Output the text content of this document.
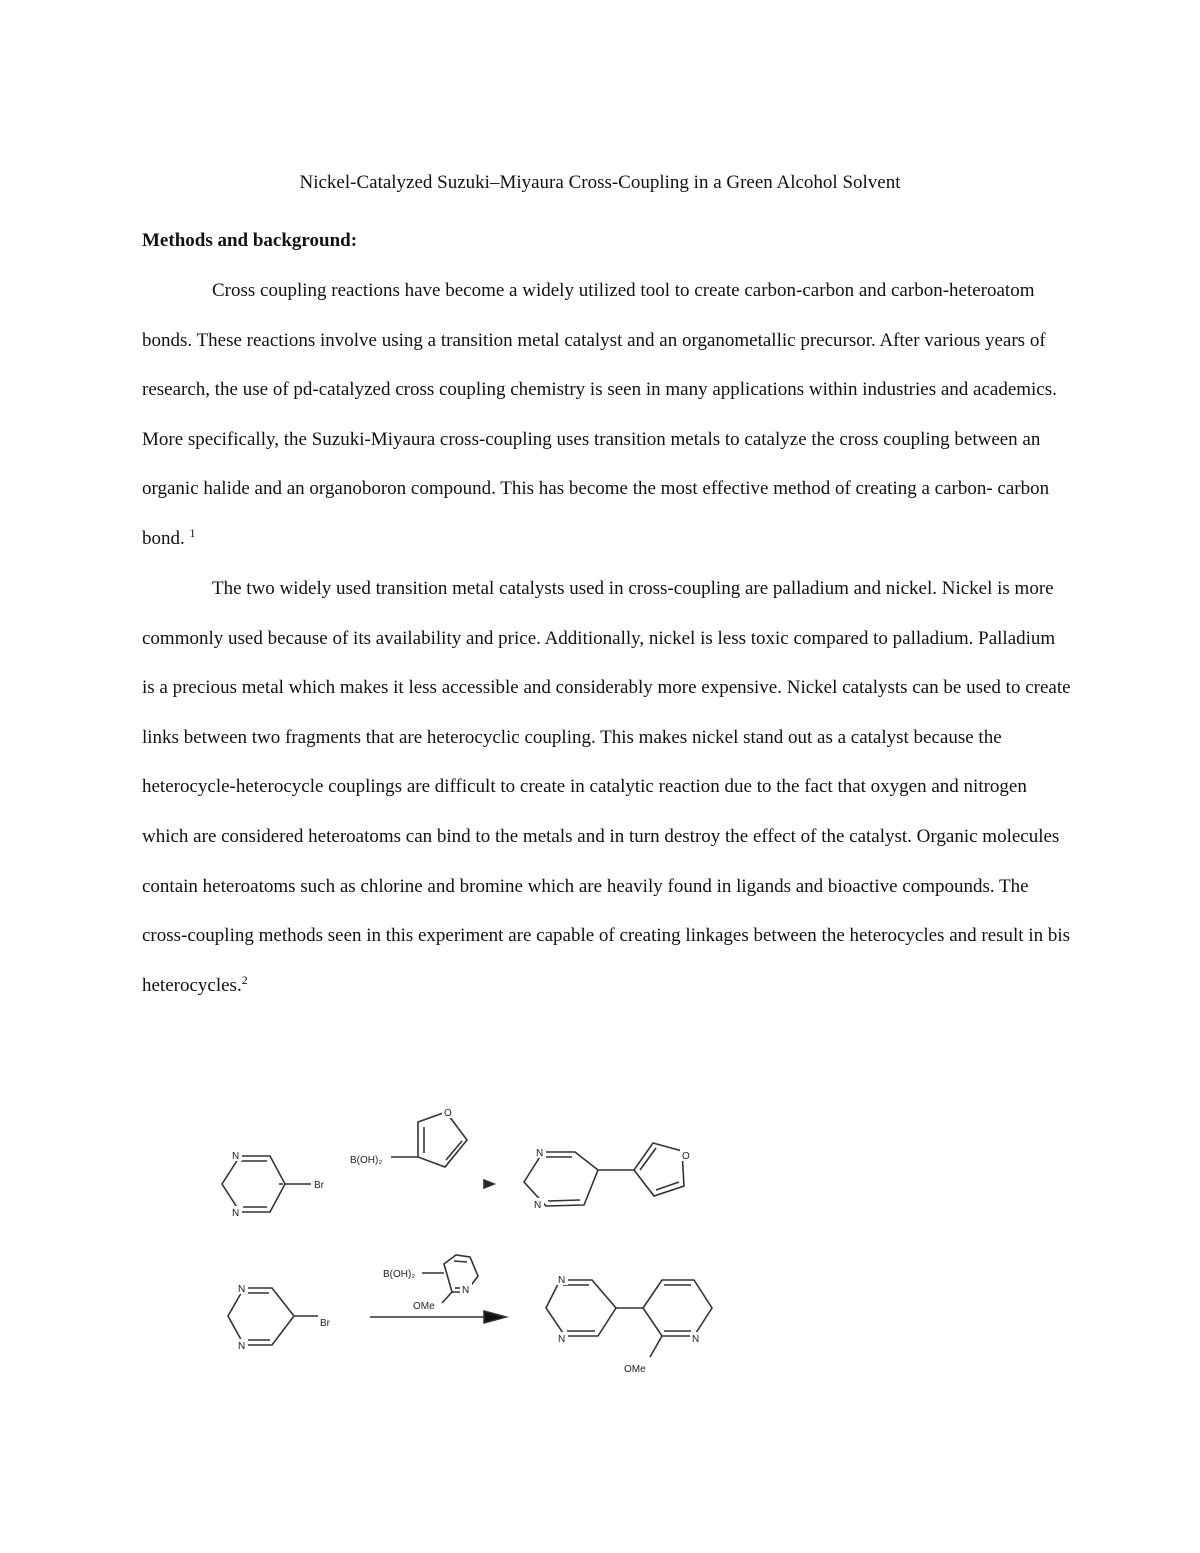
Nickel-Catalyzed Suzuki–Miyaura Cross-Coupling in a Green Alcohol Solvent
Methods and background:

Cross coupling reactions have become a widely utilized tool to create carbon-carbon and carbon-heteroatom bonds. These reactions involve using a transition metal catalyst and an organometallic precursor. After various years of research, the use of pd-catalyzed cross coupling chemistry is seen in many applications within industries and academics. More specifically, the Suzuki-Miyaura cross-coupling uses transition metals to catalyze the cross coupling between an organic halide and an organoboron compound. This has become the most effective method of creating a carbon- carbon bond. $^1$

The two widely used transition metal catalysts used in cross-coupling are palladium and nickel. Nickel is more commonly used because of its availability and price. Additionally, nickel is less toxic compared to palladium. Palladium is a precious metal which makes it less accessible and considerably more expensive. Nickel catalysts can be used to create links between two fragments that are heterocyclic coupling. This makes nickel stand out as a catalyst because the heterocycle-heterocycle couplings are difficult to create in catalytic reaction due to the fact that oxygen and nitrogen which are considered heteroatoms can bind to the metals and in turn destroy the effect of the catalyst. Organic molecules contain heteroatoms such as chlorine and bromine which are heavily found in ligands and bioactive compounds. The cross-coupling methods seen in this experiment are capable of creating linkages between the heterocycles and result in bis heterocycles.$^2$

N
N
Br
B(OH)₂
O
N
N
O
N
N
Br
B(OH)₂
N
OMe
N
N	N
OMe
